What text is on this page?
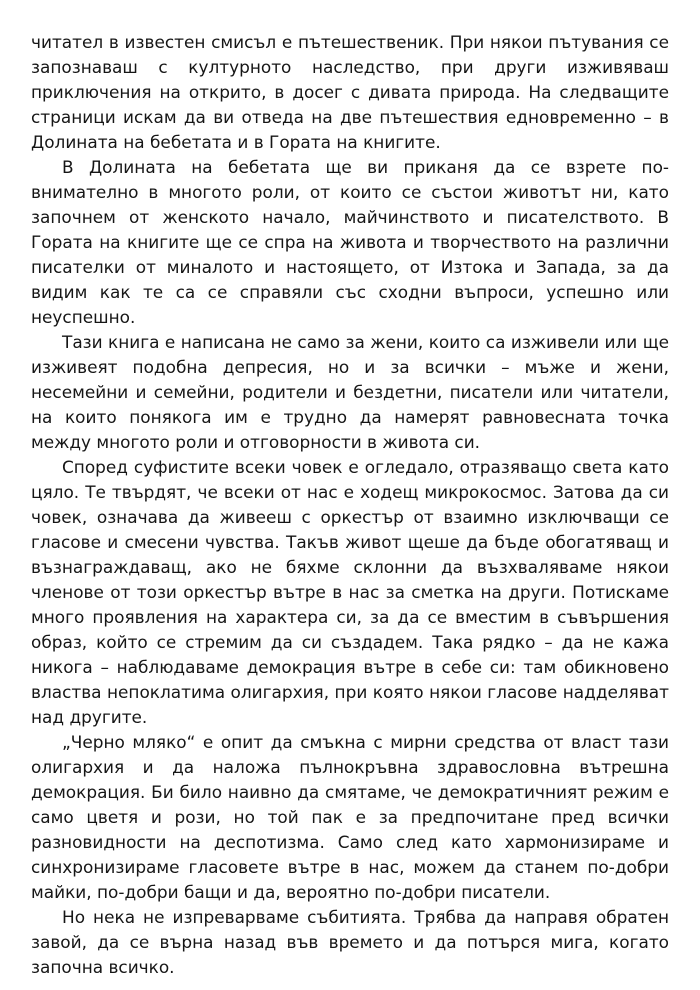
читател в известен смисъл е пътешественик. При някои пътувания се запознаваш с културното наследство, при други изживяваш приключения на открито, в досег с дивата природа. На следващите страници искам да ви отведа на две пътешествия едновременно – в Долината на бебетата и в Гората на книгите.

В Долината на бебетата ще ви приканя да се взрете по-внимателно в многото роли, от които се състои животът ни, като започнем от женското начало, майчинството и писателството. В Гората на книгите ще се спра на живота и творчеството на различни писателки от миналото и настоящето, от Изтока и Запада, за да видим как те са се справяли със сходни въпроси, успешно или неуспешно.

Тази книга е написана не само за жени, които са изживели или ще изживеят подобна депресия, но и за всички – мъже и жени, несемейни и семейни, родители и бездетни, писатели или читатели, на които понякога им е трудно да намерят равновесната точка между многото роли и отговорности в живота си.

Според суфистите всеки човек е огледало, отразяващо света като цяло. Те твърдят, че всеки от нас е ходещ микрокосмос. Затова да си човек, означава да живееш с оркестър от взаимно изключващи се гласове и смесени чувства. Такъв живот щеше да бъде обогатяващ и възнаграждаващ, ако не бяхме склонни да възхваляваме някои членове от този оркестър вътре в нас за сметка на други. Потискаме много проявления на характера си, за да се вместим в съвършения образ, който се стремим да си създадем. Така рядко – да не кажа никога – наблюдаваме демокрация вътре в себе си: там обикновено властва непоклатима олигархия, при която някои гласове надделяват над другите.

„Черно мляко“ е опит да смъкна с мирни средства от власт тази олигархия и да наложа пълнокръвна здравословна вътрешна демокрация. Би било наивно да смятаме, че демократичният режим е само цветя и рози, но той пак е за предпочитане пред всички разновидности на деспотизма. Само след като хармонизираме и синхронизираме гласовете вътре в нас, можем да станем по-добри майки, по-добри бащи и да, вероятно по-добри писатели.

Но нека не изпреварваме събитията. Трябва да направя обратен завой, да се върна назад във времето и да потърся мига, когато започна всичко.
